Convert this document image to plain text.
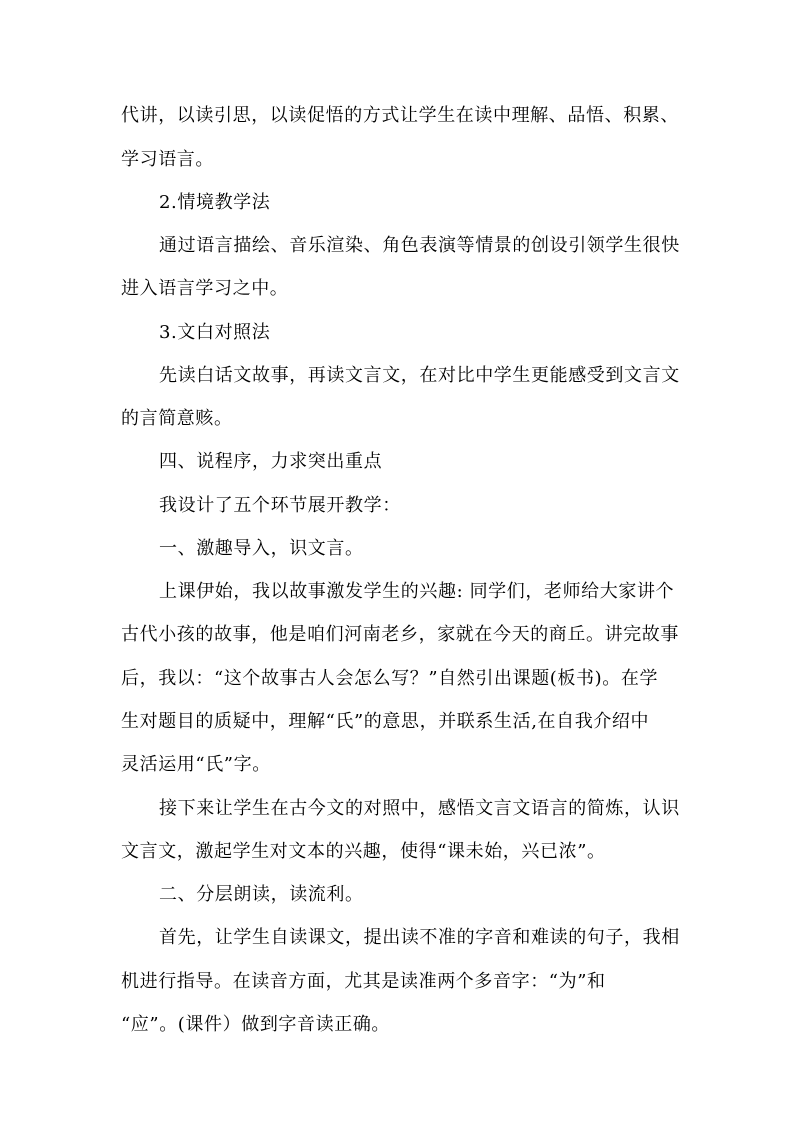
代讲，以读引思，以读促悟的方式让学生在读中理解、品悟、积累、
学习语言。
2.情境教学法
通过语言描绘、音乐渲染、角色表演等情景的创设引领学生很快
进入语言学习之中。
3.文白对照法
先读白话文故事，再读文言文，在对比中学生更能感受到文言文
的言简意赅。
四、说程序，力求突出重点
我设计了五个环节展开教学：
一、激趣导入，识文言。
上课伊始，我以故事激发学生的兴趣: 同学们，老师给大家讲个
古代小孩的故事，他是咱们河南老乡，家就在今天的商丘。讲完故事
后，我以：“这个故事古人会怎么写？”自然引出课题(板书)。在学
生对题目的质疑中，理解“氏”的意思，并联系生活,在自我介绍中
灵活运用“氏”字。
接下来让学生在古今文的对照中，感悟文言文语言的简炼，认识
文言文，激起学生对文本的兴趣，使得“课未始，兴已浓”。
二、分层朗读，读流利。
首先，让学生自读课文，提出读不准的字音和难读的句子，我相
机进行指导。在读音方面，尤其是读准两个多音字：“为”和
“应”。(课件）做到字音读正确。
